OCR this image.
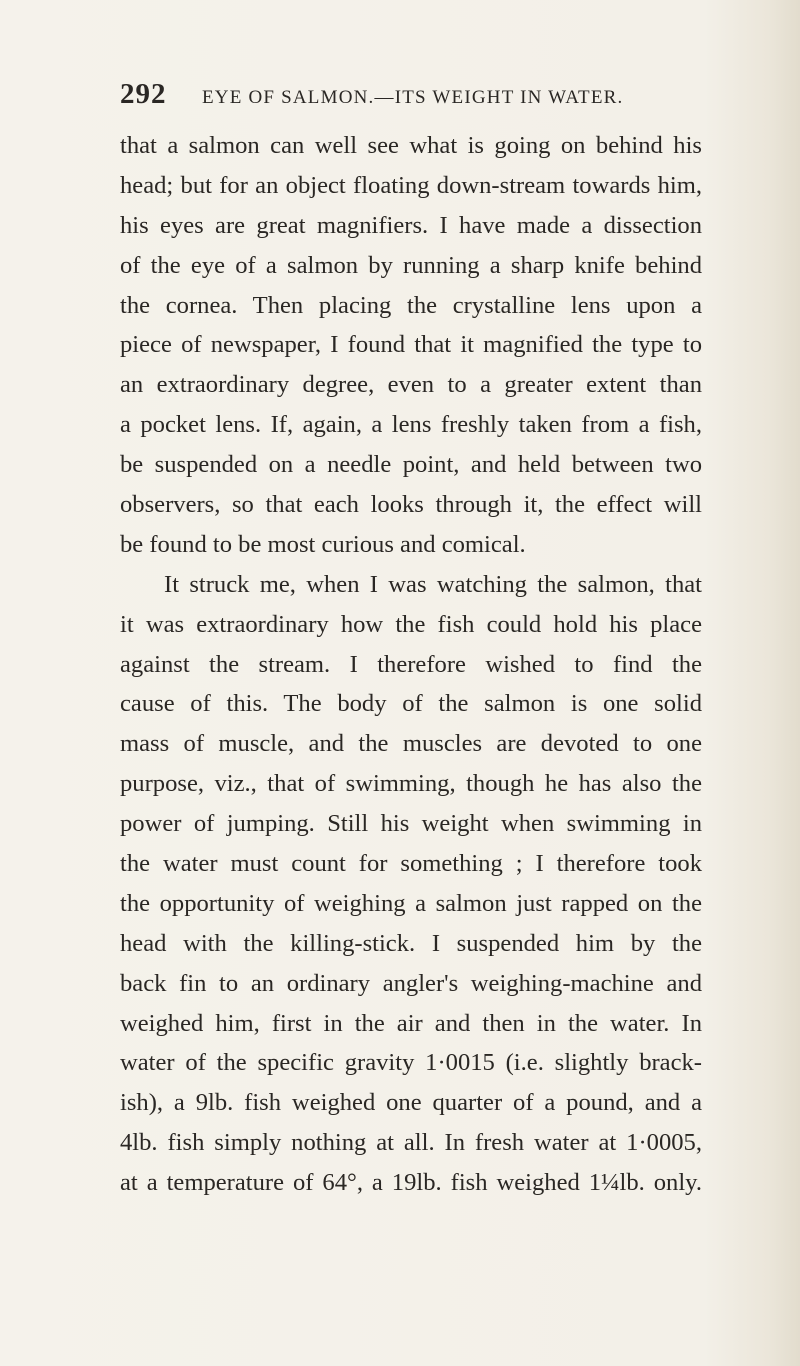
292 EYE OF SALMON.—ITS WEIGHT IN WATER.
that a salmon can well see what is going on behind his
head; but for an object floating down-stream towards him,
his eyes are great magnifiers. I have made a dissection
of the eye of a salmon by running a sharp knife behind
the cornea. Then placing the crystalline lens upon a
piece of newspaper, I found that it magnified the type to
an extraordinary degree, even to a greater extent than
a pocket lens. If, again, a lens freshly taken from a fish,
be suspended on a needle point, and held between two
observers, so that each looks through it, the effect will
be found to be most curious and comical.
It struck me, when I was watching the salmon, that
it was extraordinary how the fish could hold his place
against the stream. I therefore wished to find the
cause of this. The body of the salmon is one solid
mass of muscle, and the muscles are devoted to one
purpose, viz., that of swimming, though he has also the
power of jumping. Still his weight when swimming in
the water must count for something ; I therefore took
the opportunity of weighing a salmon just rapped on the
head with the killing-stick. I suspended him by the
back fin to an ordinary angler's weighing-machine and
weighed him, first in the air and then in the water. In
water of the specific gravity 1·0015 (i.e. slightly brack-
ish), a 9lb. fish weighed one quarter of a pound, and a
4lb. fish simply nothing at all. In fresh water at 1·0005,
at a temperature of 64°, a 19lb. fish weighed 1¼lb. only.
